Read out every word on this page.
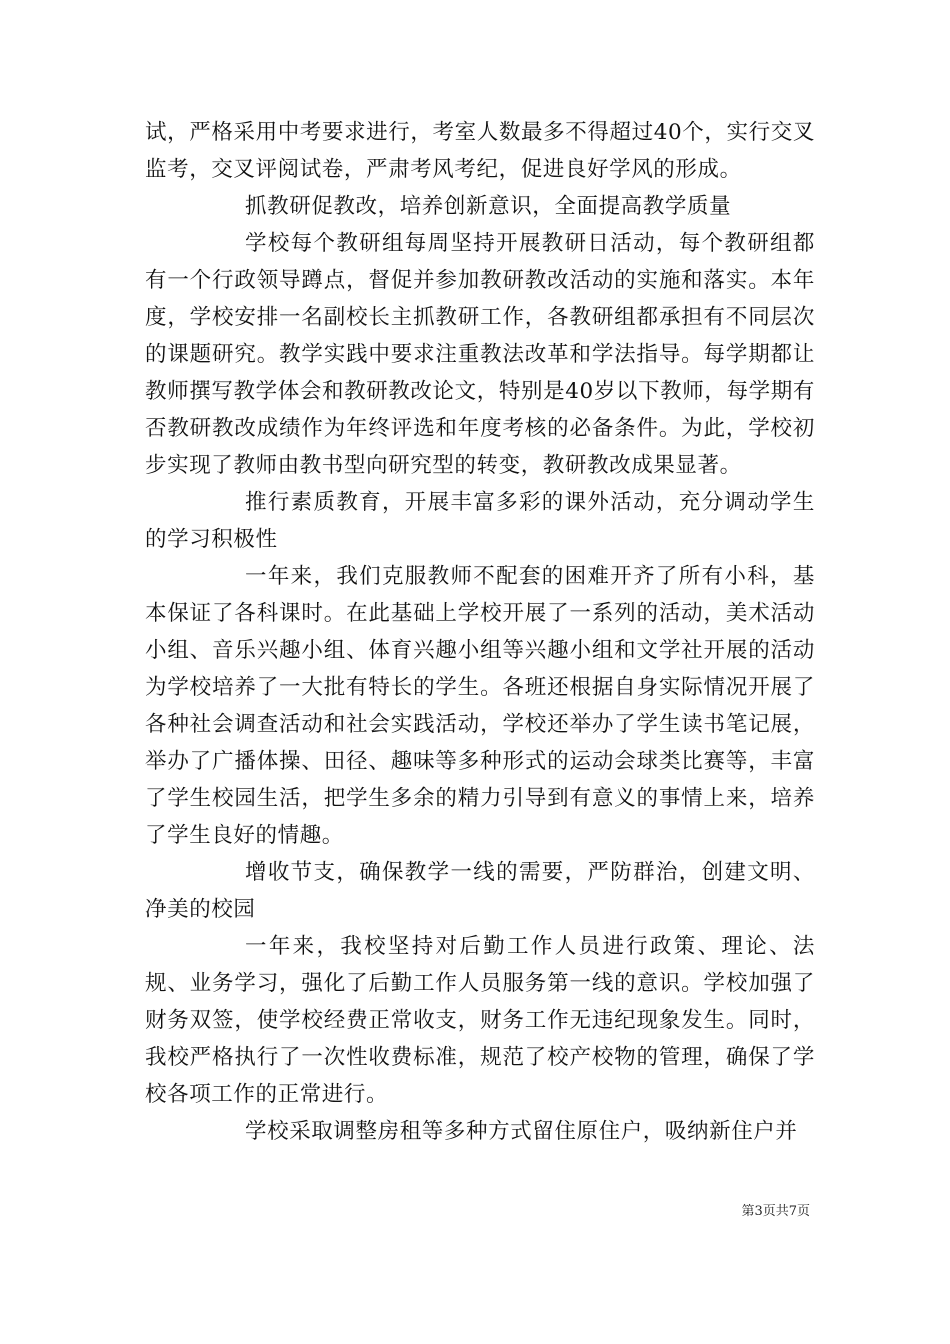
试，严格采用中考要求进行，考室人数最多不得超过40个，实行交叉监考，交叉评阅试卷，严肃考风考纪，促进良好学风的形成。

抓教研促教改，培养创新意识，全面提高教学质量

学校每个教研组每周坚持开展教研日活动，每个教研组都有一个行政领导蹲点，督促并参加教研教改活动的实施和落实。本年度，学校安排一名副校长主抓教研工作，各教研组都承担有不同层次的课题研究。教学实践中要求注重教法改革和学法指导。每学期都让教师撰写教学体会和教研教改论文，特别是40岁以下教师，每学期有否教研教改成绩作为年终评选和年度考核的必备条件。为此，学校初步实现了教师由教书型向研究型的转变，教研教改成果显著。

推行素质教育，开展丰富多彩的课外活动，充分调动学生的学习积极性

一年来，我们克服教师不配套的困难开齐了所有小科，基本保证了各科课时。在此基础上学校开展了一系列的活动，美术活动小组、音乐兴趣小组、体育兴趣小组等兴趣小组和文学社开展的活动为学校培养了一大批有特长的学生。各班还根据自身实际情况开展了各种社会调查活动和社会实践活动，学校还举办了学生读书笔记展，举办了广播体操、田径、趣味等多种形式的运动会球类比赛等，丰富了学生校园生活，把学生多余的精力引导到有意义的事情上来，培养了学生良好的情趣。

增收节支，确保教学一线的需要，严防群治，创建文明、净美的校园

一年来，我校坚持对后勤工作人员进行政策、理论、法规、业务学习，强化了后勤工作人员服务第一线的意识。学校加强了财务双签，使学校经费正常收支，财务工作无违纪现象发生。同时，我校严格执行了一次性收费标准，规范了校产校物的管理，确保了学校各项工作的正常进行。

学校采取调整房租等多种方式留住原住户，吸纳新住户并

第3页共7页
